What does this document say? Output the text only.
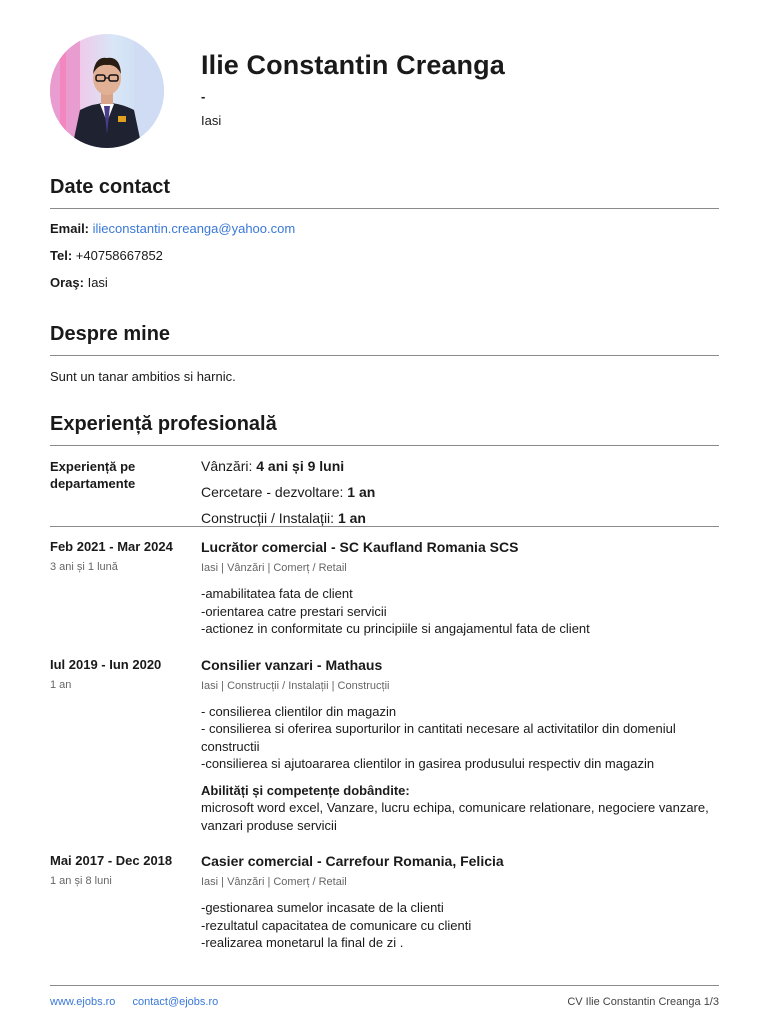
Ilie Constantin Creanga
-
Iasi
Date contact
Email: ilieconstantin.creanga@yahoo.com
Tel: +40758667852
Oraş: Iasi
Despre mine
Sunt un tanar ambitios si harnic.
Experiență profesională
Experiență pe departamente
Vânzări: 4 ani și 9 luni
Cercetare - dezvoltare: 1 an
Construcții / Instalații: 1 an
Feb 2021 - Mar 2024
3 ani și 1 lună
Lucrător comercial - SC Kaufland Romania SCS
Iasi | Vânzări | Comerț / Retail
-amabilitatea fata de client
-orientarea catre prestari servicii
-actionez in conformitate cu principiile si angajamentul fata de client
Iul 2019 - Iun 2020
1 an
Consilier vanzari - Mathaus
Iasi | Construcții / Instalații | Construcții
- consilierea clientilor din magazin
- consilierea si oferirea suporturilor in cantitati necesare al activitatilor din domeniul constructii
-consilierea si ajutoararea clientilor in gasirea produsului respectiv din magazin
Abilități și competențe dobândite:
microsoft word excel, Vanzare, lucru echipa, comunicare relationare, negociere vanzare, vanzari produse servicii
Mai 2017 - Dec 2018
1 an și 8 luni
Casier comercial - Carrefour Romania, Felicia
Iasi | Vânzări | Comerț / Retail
-gestionarea sumelor incasate de la clienti
-rezultatul capacitatea de comunicare cu clienti
-realizarea monetarul la final de zi .
www.ejobs.ro contact@ejobs.ro	CV Ilie Constantin Creanga 1/3
